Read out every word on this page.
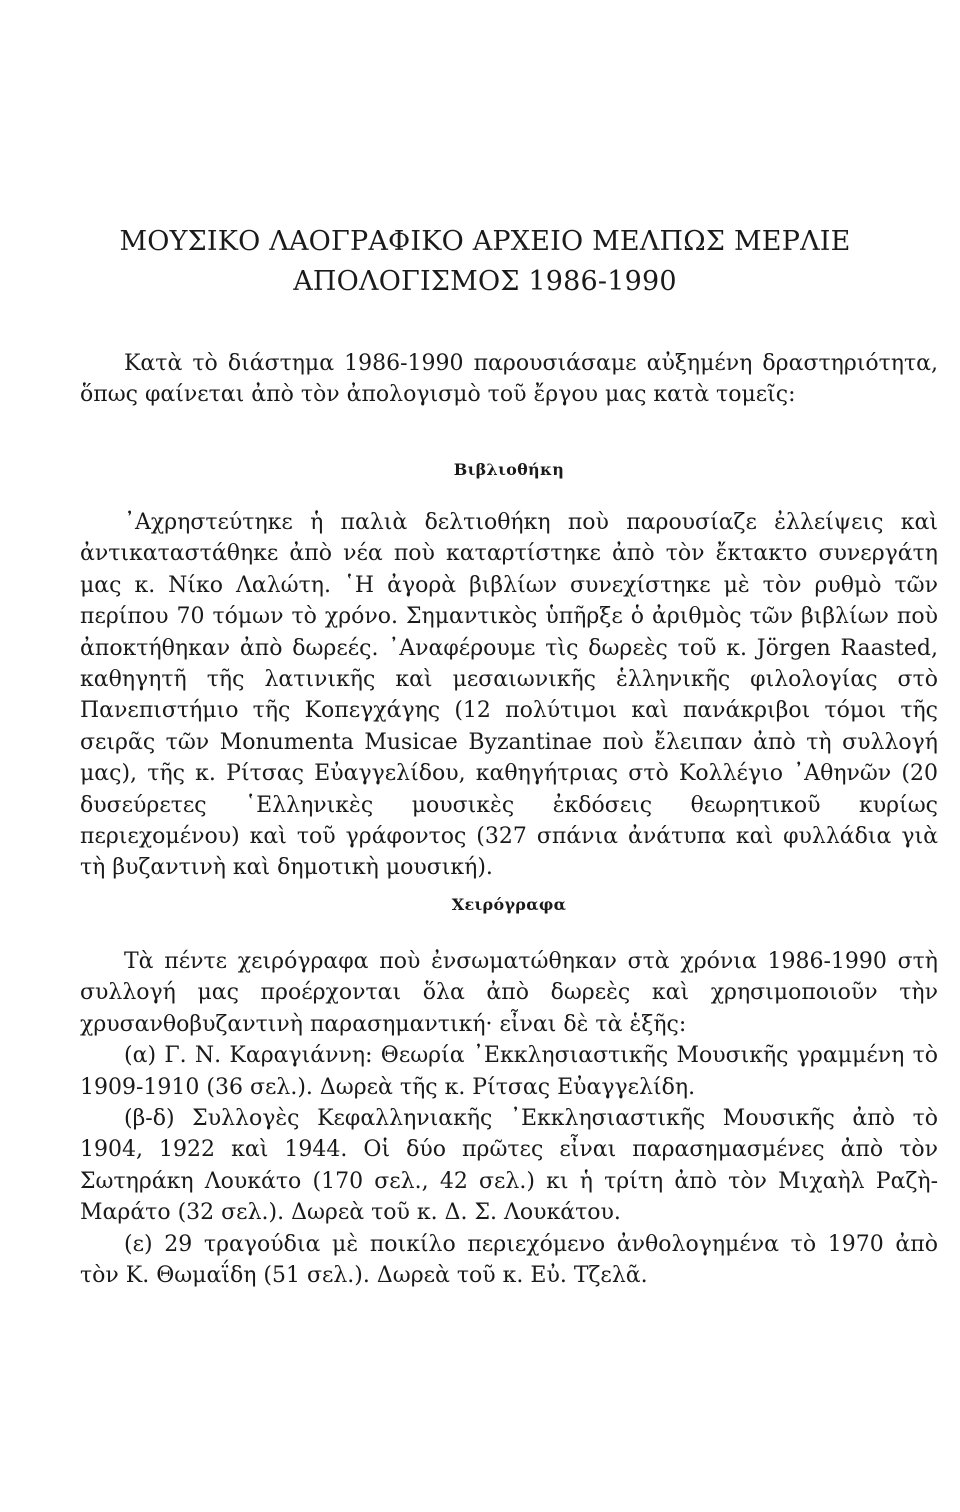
ΜΟΥΣΙΚΟ ΛΑΟΓΡΑΦΙΚΟ ΑΡΧΕΙΟ ΜΕΛΠΩΣ ΜΕΡΛΙΕ
ΑΠΟΛΟΓΙΣΜΟΣ 1986-1990

Κατὰ τὸ διάστημα 1986-1990 παρουσιάσαμε αὐξημένη δραστηριότητα, ὅπως φαίνεται ἀπὸ τὸν ἀπολογισμὸ τοῦ ἔργου μας κατὰ τομεῖς:

Βιβλιοθήκη

᾿Αχρηστεύτηκε ἡ παλιὰ δελτιοθήκη ποὺ παρουσίαζε ἐλλείψεις καὶ ἀντικαταστάθηκε ἀπὸ νέα ποὺ καταρτίστηκε ἀπὸ τὸν ἔκτακτο συνεργάτη μας κ. Νίκο Λαλώτη. ῾Η ἀγορὰ βιβλίων συνεχίστηκε μὲ τὸν ρυθμὸ τῶν περίπου 70 τόμων τὸ χρόνο. Σημαντικὸς ὑπῆρξε ὁ ἀριθμὸς τῶν βιβλίων ποὺ ἀποκτήθηκαν ἀπὸ δωρεές. ᾿Αναφέρουμε τὶς δωρεὲς τοῦ κ. Jörgen Raasted, καθηγητῆ τῆς λατινικῆς καὶ μεσαιωνικῆς ἑλληνικῆς φιλολογίας στὸ Πανεπιστήμιο τῆς Κοπεγχάγης (12 πολύτιμοι καὶ πανάκριβοι τόμοι τῆς σειρᾶς τῶν Monumenta Musicae Byzantinae ποὺ ἔλειπαν ἀπὸ τὴ συλλογή μας), τῆς κ. Ρίτσας Εὐαγγελίδου, καθηγήτριας στὸ Κολλέγιο ᾿Αθηνῶν (20 δυσεύρετες ῾Ελληνικὲς μουσικὲς ἐκδόσεις θεωρητικοῦ κυρίως περιεχομένου) καὶ τοῦ γράφοντος (327 σπάνια ἀνάτυπα καὶ φυλλάδια γιὰ τὴ βυζαντινὴ καὶ δημοτικὴ μουσική).

Χειρόγραφα

Τὰ πέντε χειρόγραφα ποὺ ἐνσωματώθηκαν στὰ χρόνια 1986-1990 στὴ συλλογή μας προέρχονται ὅλα ἀπὸ δωρεὲς καὶ χρησιμοποιοῦν τὴν χρυσανθοβυζαντινὴ παρασημαντική· εἶναι δὲ τὰ ἑξῆς:

(α) Γ. Ν. Καραγιάννη: Θεωρία ᾿Εκκλησιαστικῆς Μουσικῆς γραμμένη τὸ 1909-1910 (36 σελ.). Δωρεὰ τῆς κ. Ρίτσας Εὐαγγελίδη.

(β-δ) Συλλογὲς Κεφαλληνιακῆς ᾿Εκκλησιαστικῆς Μουσικῆς ἀπὸ τὸ 1904, 1922 καὶ 1944. Οἱ δύο πρῶτες εἶναι παρασημασμένες ἀπὸ τὸν Σωτηράκη Λουκάτο (170 σελ., 42 σελ.) κι ἡ τρίτη ἀπὸ τὸν Μιχαὴλ Ραζὴ-Μαράτο (32 σελ.). Δωρεὰ τοῦ κ. Δ. Σ. Λουκάτου.

(ε) 29 τραγούδια μὲ ποικίλο περιεχόμενο ἀνθολογημένα τὸ 1970 ἀπὸ τὸν Κ. Θωμαΐδη (51 σελ.). Δωρεὰ τοῦ κ. Εὐ. Τζελᾶ.
